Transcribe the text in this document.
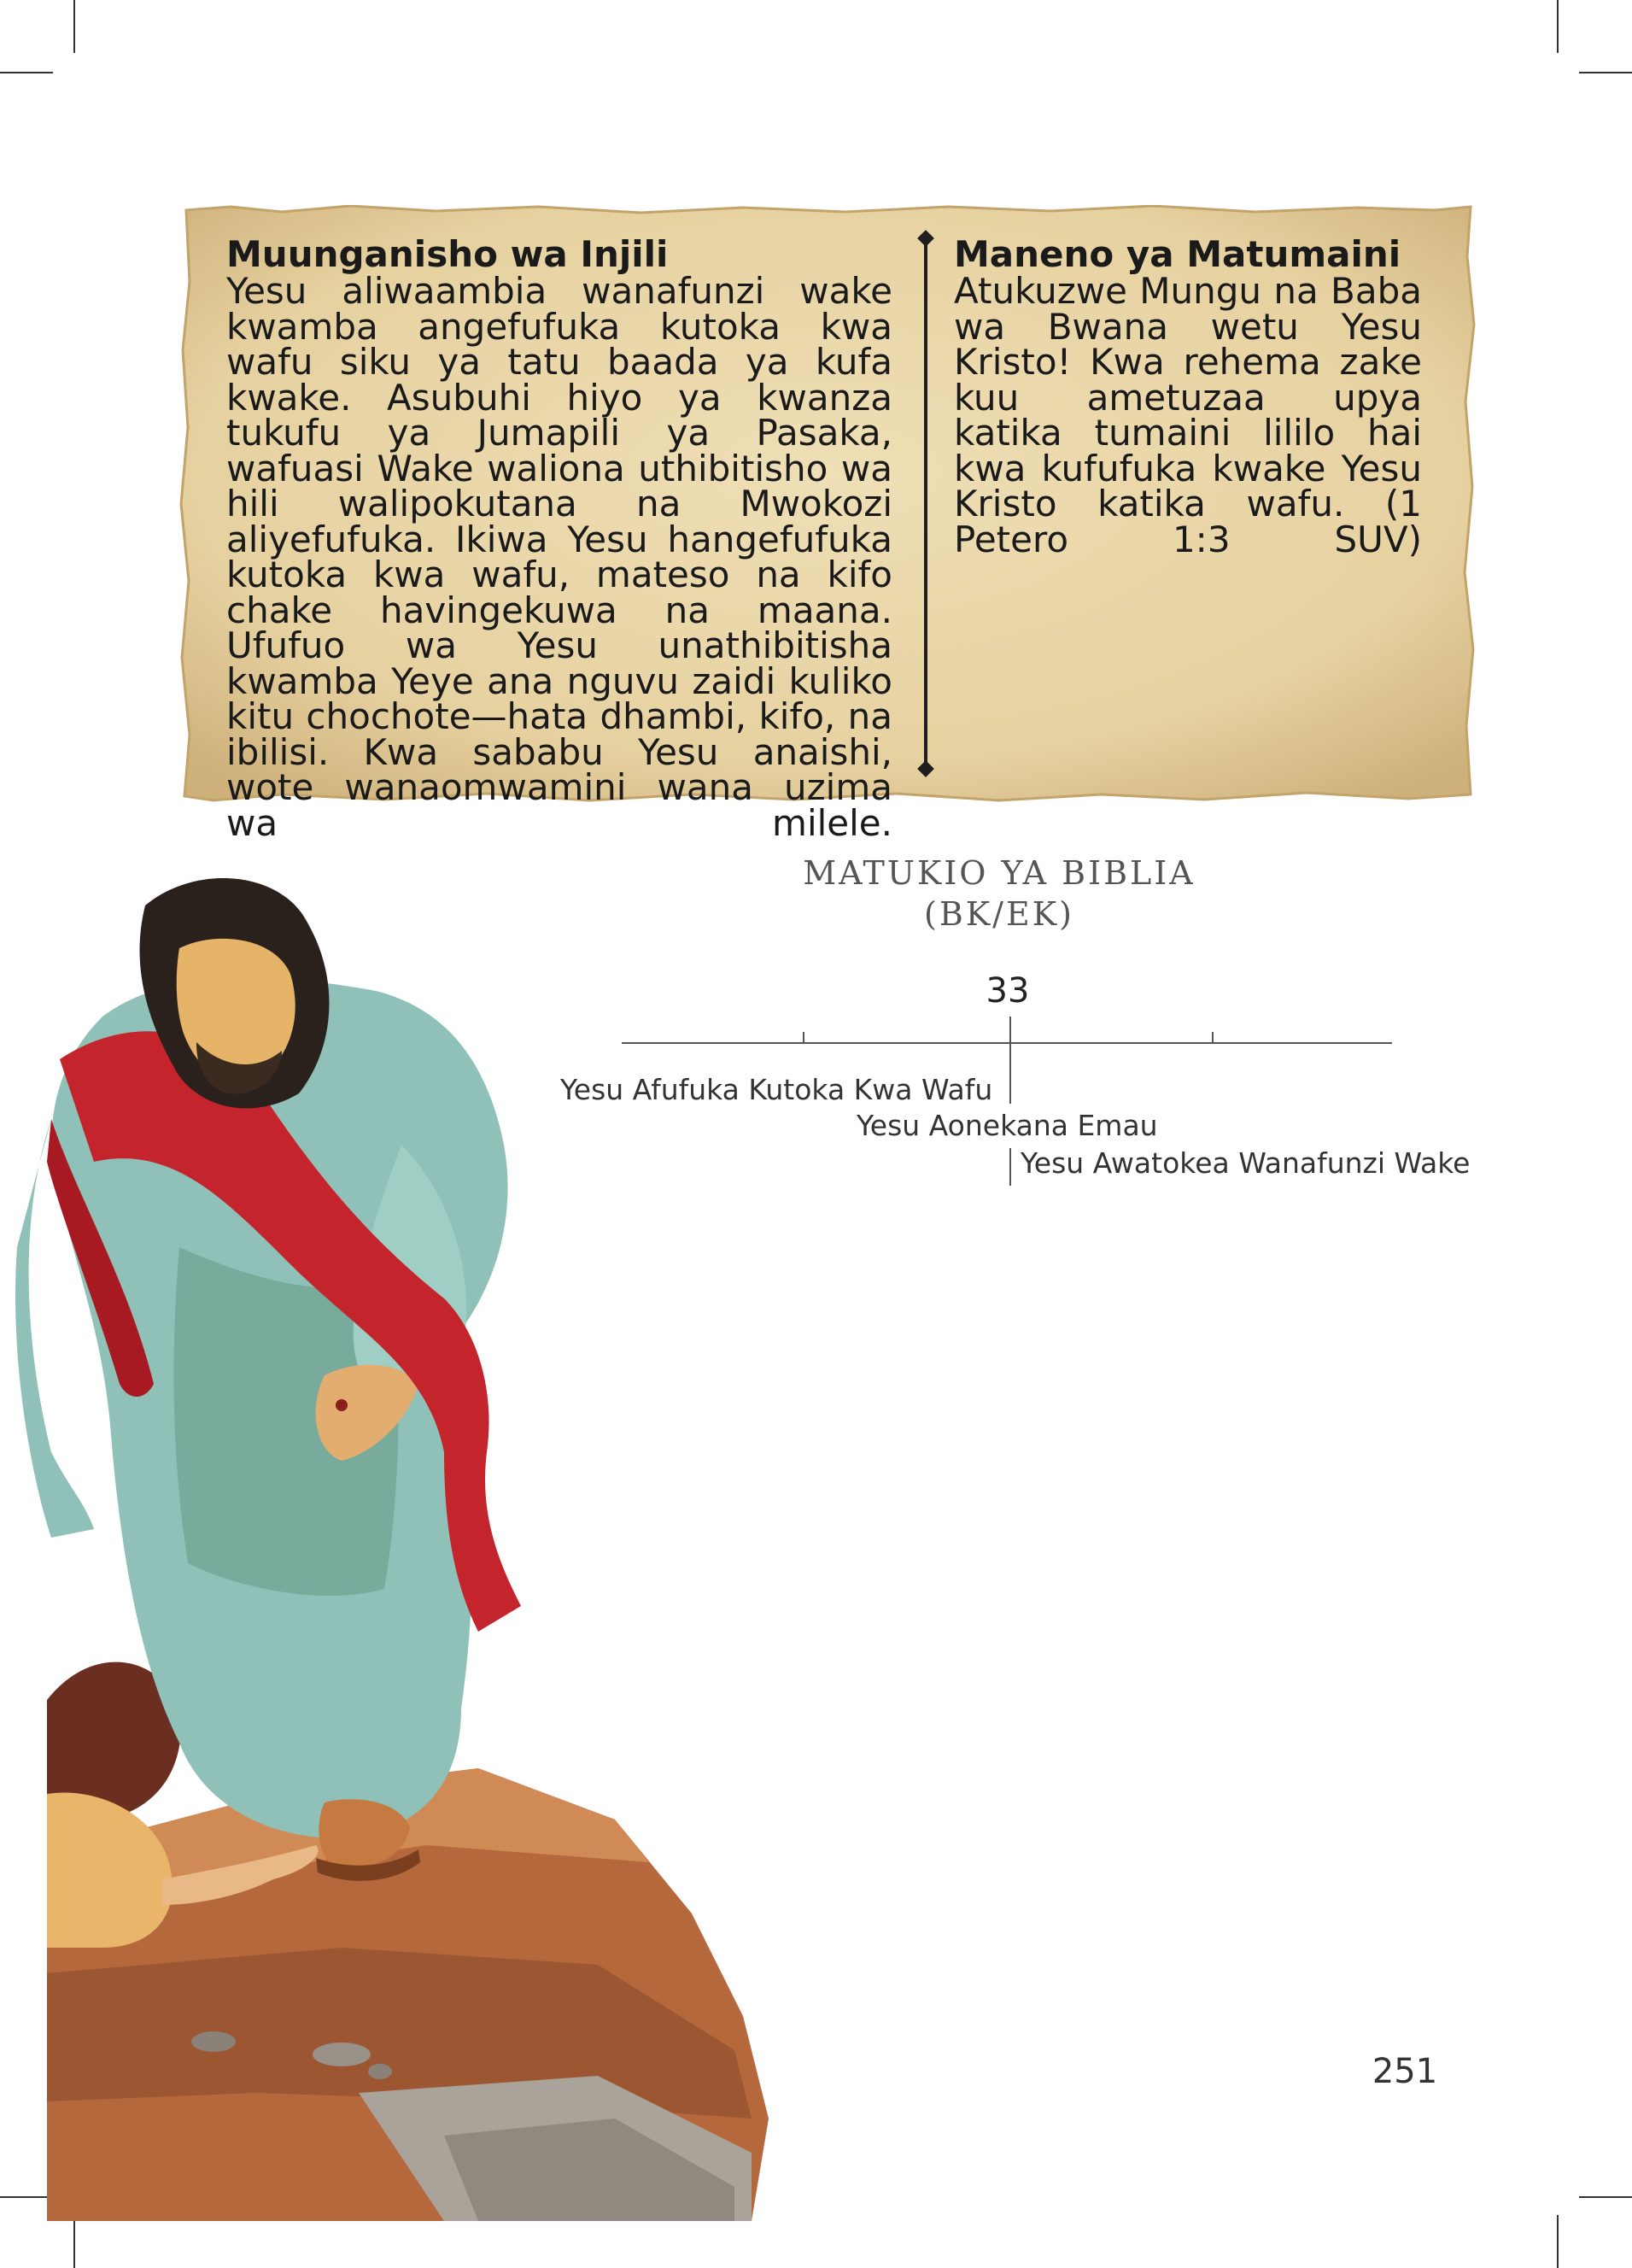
Muunganisho wa Injili

Yesu aliwaambia wanafunzi wake kwamba angefufuka kutoka kwa wafu siku ya tatu baada ya kufa kwake. Asubuhi hiyo ya kwanza tukufu ya Jumapili ya Pasaka, wafuasi Wake waliona uthibitisho wa hili walipokutana na Mwokozi aliyefufuka. Ikiwa Yesu hangefufuka kutoka kwa wafu, mateso na kifo chake havingekuwa na maana. Ufufuo wa Yesu unathibitisha kwamba Yeye ana nguvu zaidi kuliko kitu chochote—hata dhambi, kifo, na ibilisi. Kwa sababu Yesu anaishi, wote wanaomwamini wana uzima wa milele.

Maneno ya Matumaini

Atukuzwe Mungu na Baba wa Bwana wetu Yesu Kristo! Kwa rehema zake kuu ametuzaa upya katika tumaini lililo hai kwa kufufuka kwake Yesu Kristo katika wafu. (1 Petero 1:3 SUV)

MATUKIO YA BIBLIA
(BK/EK)
33
Yesu Afufuka Kutoka Kwa Wafu
Yesu Aonekana Emau
Yesu Awatokea Wanafunzi Wake
251
